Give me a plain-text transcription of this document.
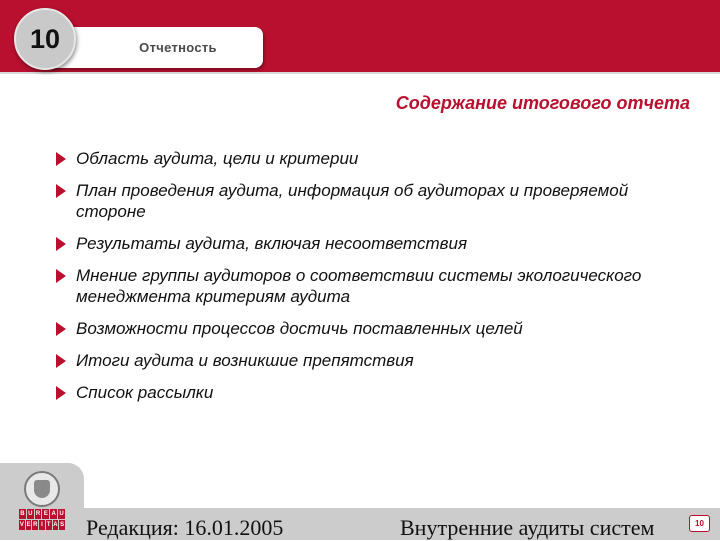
Отчетность
10
Содержание итогового отчета
Область аудита, цели и критерии
План проведения аудита, информация об аудиторах и проверяемой стороне
Результаты аудита, включая несоответствия
Мнение группы аудиторов о соответствии системы экологического менеджмента критериям аудита
Возможности процессов достичь поставленных целей
Итоги аудита и возникшие препятствия
Список рассылки
B U R E A U
V E R I T A S Редакция: 16.01.2005	Внутренние аудиты систем	10
